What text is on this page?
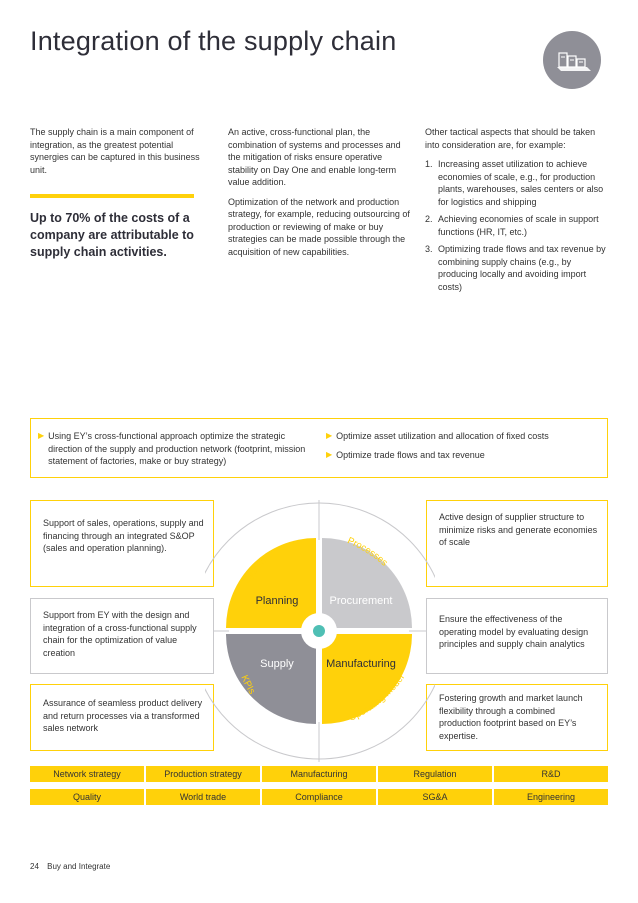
Integration of the supply chain

The supply chain is a main component of integration, as the greatest potential synergies can be captured in this business unit.

Up to 70% of the costs of a company are attributable to supply chain activities.

An active, cross-functional plan, the combination of systems and processes and the mitigation of risks ensure operative stability on Day One and enable long-term value addition.

Optimization of the network and production strategy, for example, reducing outsourcing of production or reviewing of make or buy strategies can be made possible through the acquisition of new capabilities.

Other tactical aspects that should be taken into consideration are, for example:

1. Increasing asset utilization to achieve economies of scale, e.g., for production plants, warehouses, sales centers or also for logistics and shipping
2. Achieving economies of scale in support functions (HR, IT, etc.)
3. Optimizing trade flows and tax revenue by combining supply chains (e.g., by producing locally and avoiding import costs)
▶ Using EY’s cross-functional approach optimize the strategic direction of the supply and production network (footprint, mission statement of factories, make or buy strategy)
▶ Optimize asset utilization and allocation of fixed costs
▶ Optimize trade flows and tax revenue
Support of sales, operations, supply and financing through an integrated S&OP (sales and operation planning).
Support from EY with the design and integration of a cross-functional supply chain for the optimization of value creation
Assurance of seamless product delivery and return processes via a transformed sales network
Active design of supplier structure to minimize risks and generate economies of scale
Ensure the effectiveness of the operating model by evaluating design principles and supply chain analytics
Fostering growth and market launch flexibility through a combined production footprint based on EY’s expertise.
Planning	Procurement
Supply	Manufacturing
Systems
Processes
KPIs
Operating model
Network strategy	Production strategy	Manufacturing	Regulation	R&D
Quality	World trade	Compliance	SG&A	Engineering
24 Buy and Integrate
